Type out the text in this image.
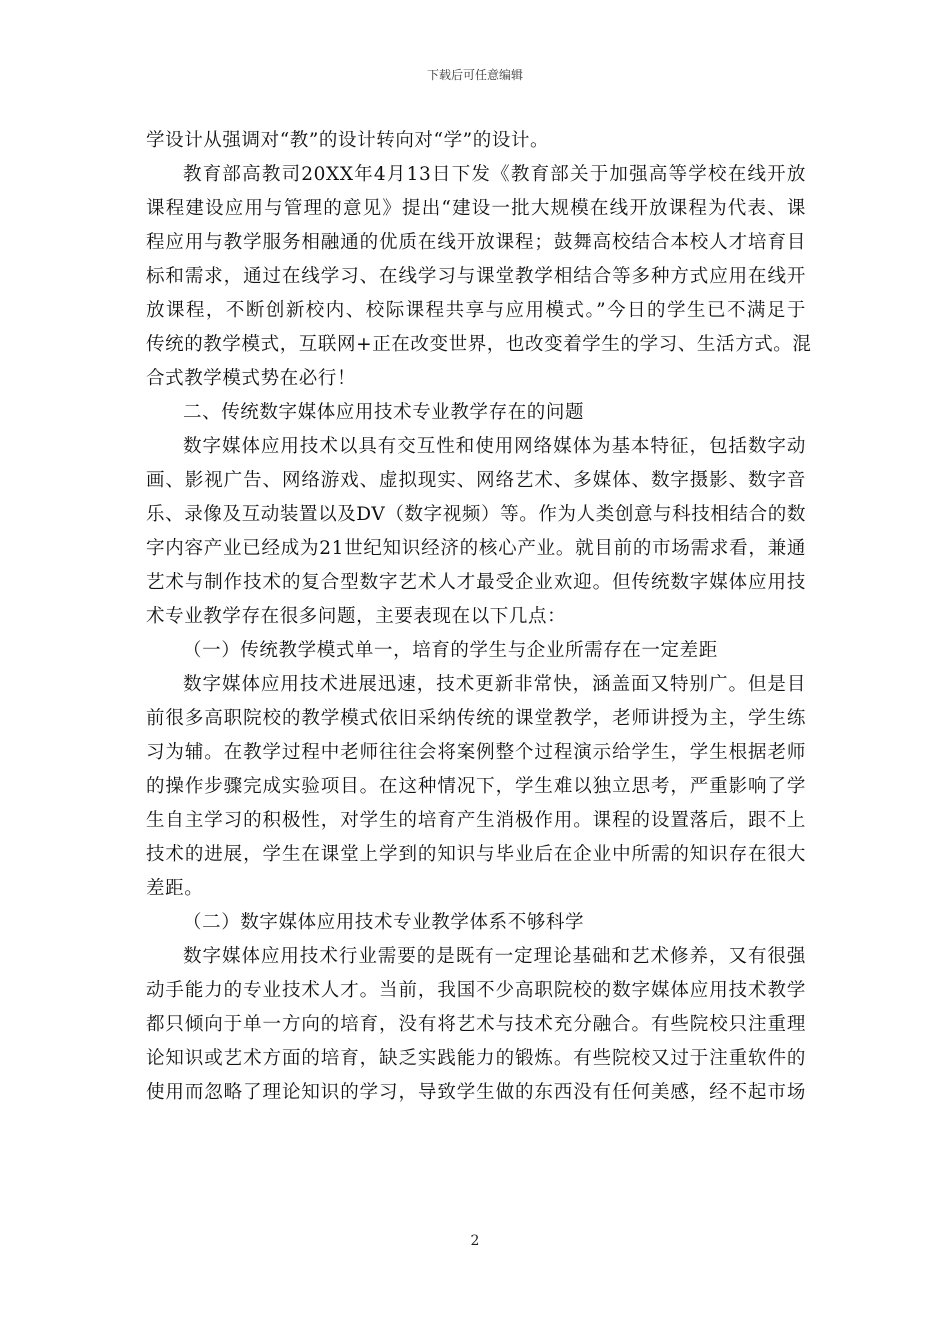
下载后可任意编辑
学设计从强调对“教”的设计转向对“学”的设计。
教育部高教司20XX年4月13日下发《教育部关于加强高等学校在线开放
课程建设应用与管理的意见》提出“建设一批大规模在线开放课程为代表、课
程应用与教学服务相融通的优质在线开放课程；鼓舞高校结合本校人才培育目
标和需求，通过在线学习、在线学习与课堂教学相结合等多种方式应用在线开
放课程，不断创新校内、校际课程共享与应用模式。”今日的学生已不满足于
传统的教学模式，互联网+正在改变世界，也改变着学生的学习、生活方式。混
合式教学模式势在必行！
二、传统数字媒体应用技术专业教学存在的问题
数字媒体应用技术以具有交互性和使用网络媒体为基本特征，包括数字动
画、影视广告、网络游戏、虚拟现实、网络艺术、多媒体、数字摄影、数字音
乐、录像及互动装置以及DV（数字视频）等。作为人类创意与科技相结合的数
字内容产业已经成为21世纪知识经济的核心产业。就目前的市场需求看，兼通
艺术与制作技术的复合型数字艺术人才最受企业欢迎。但传统数字媒体应用技
术专业教学存在很多问题，主要表现在以下几点：
（一）传统教学模式单一，培育的学生与企业所需存在一定差距
数字媒体应用技术进展迅速，技术更新非常快，涵盖面又特别广。但是目
前很多高职院校的教学模式依旧采纳传统的课堂教学，老师讲授为主，学生练
习为辅。在教学过程中老师往往会将案例整个过程演示给学生，学生根据老师
的操作步骤完成实验项目。在这种情况下，学生难以独立思考，严重影响了学
生自主学习的积极性，对学生的培育产生消极作用。课程的设置落后，跟不上
技术的进展，学生在课堂上学到的知识与毕业后在企业中所需的知识存在很大
差距。
（二）数字媒体应用技术专业教学体系不够科学
数字媒体应用技术行业需要的是既有一定理论基础和艺术修养，又有很强
动手能力的专业技术人才。当前，我国不少高职院校的数字媒体应用技术教学
都只倾向于单一方向的培育，没有将艺术与技术充分融合。有些院校只注重理
论知识或艺术方面的培育，缺乏实践能力的锻炼。有些院校又过于注重软件的
使用而忽略了理论知识的学习，导致学生做的东西没有任何美感，经不起市场
2
